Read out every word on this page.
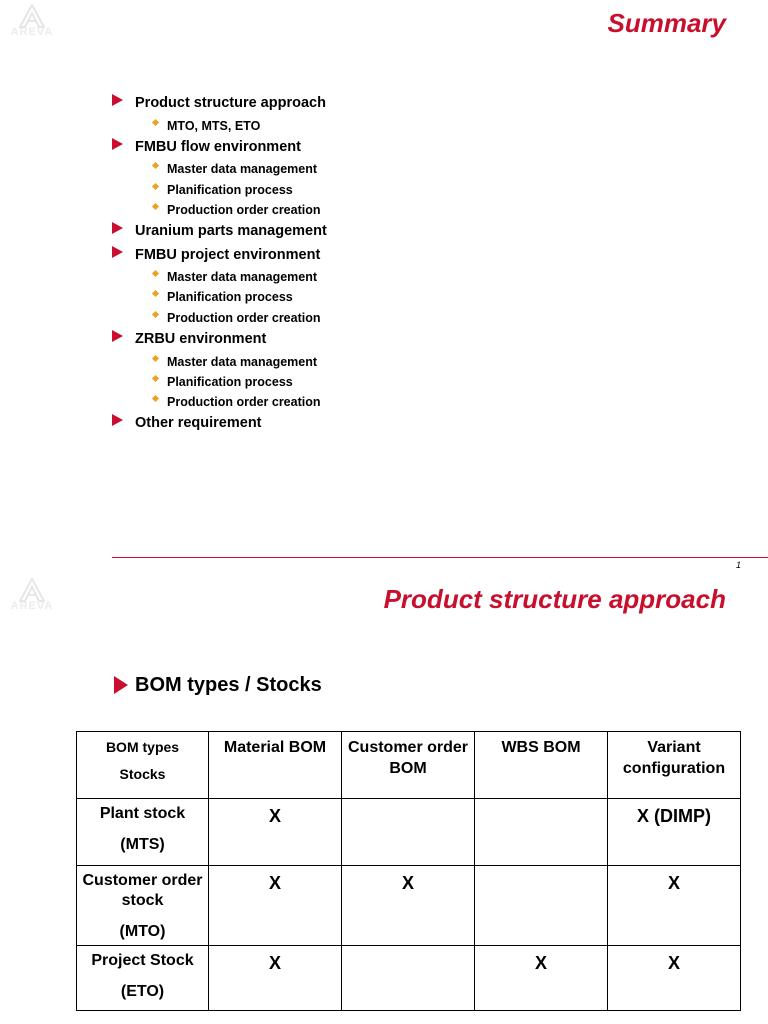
AREVA
AREVA
Summary
Product structure approach
MTO, MTS, ETO
FMBU flow environment
Master data management
Planification process
Production order creation
Uranium parts management
FMBU project environment
Master data management
Planification process
Production order creation
ZRBU environment
Master data management
Planification process
Production order creation
Other requirement
1
Product structure approach
BOM types / Stocks
BOM types
Stocks	Material BOM	Customer order BOM	WBS BOM	Variant configuration

Plant stock
(MTS)	X			X (DIMP)

Customer order stock
(MTO)	X	X		X

Project Stock
(ETO)	X		X	X
